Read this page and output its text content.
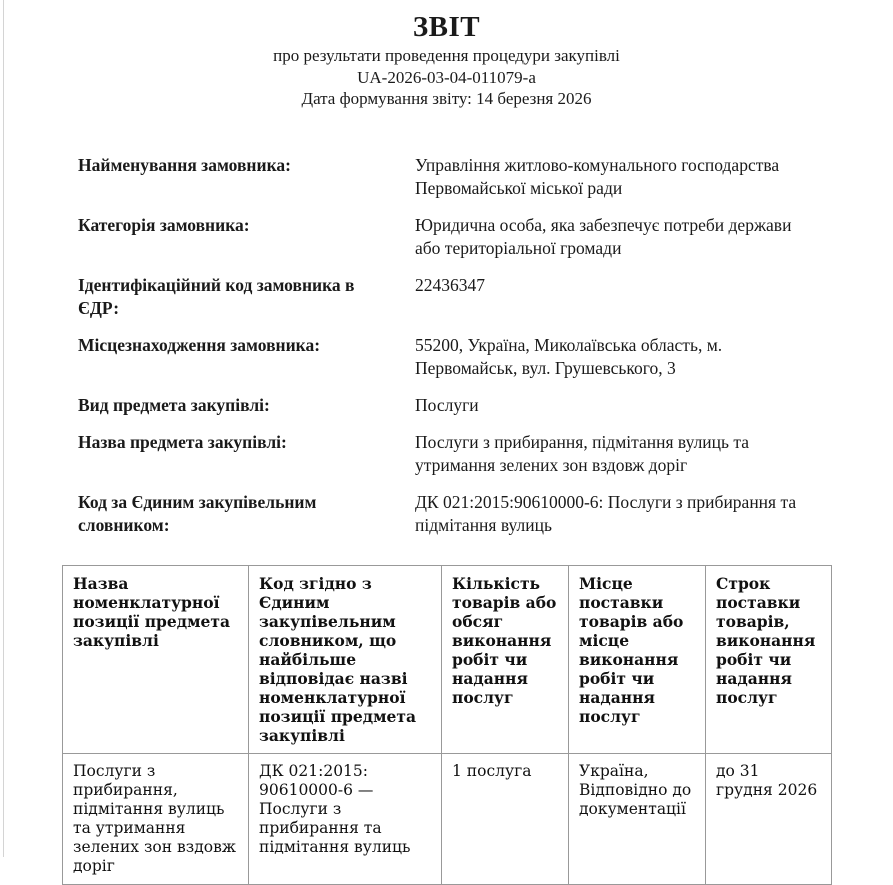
ЗВІТ
про результати проведення процедури закупівлі
UA-2026-03-04-011079-a
Дата формування звіту: 14 березня 2026
Найменування замовника:	Управління житлово-комунального господарства Первомайської міської ради
Категорія замовника:	Юридична особа, яка забезпечує потреби держави або територіальної громади
Ідентифікаційний код замовника в ЄДР:
22436347
Місцезнаходження замовника:	55200, Україна, Миколаївська область, м. Первомайськ, вул. Грушевського, 3
Вид предмета закупівлі:	Послуги
Назва предмета закупівлі:	Послуги з прибирання, підмітання вулиць та утримання зелених зон вздовж доріг
Код за Єдиним закупівельним словником:
ДК 021:2015:90610000-6: Послуги з прибирання та підмітання вулиць
Назва номенклатурної позиції предмета закупівлі	Код згідно з Єдиним закупівельним словником, що найбільше відповідає назві номенклатурної позиції предмета закупівлі	Кількість товарів або обсяг виконання робіт чи надання послуг	Місце поставки товарів або місце виконання робіт чи надання послуг	Строк поставки товарів, виконання робіт чи надання послуг
Послуги з прибирання, підмітання вулиць та утримання зелених зон вздовж доріг	ДК 021:2015: 90610000-6 — Послуги з прибирання та підмітання вулиць	1 послуга	Україна, Відповідно до документації	до 31 грудня 2026
